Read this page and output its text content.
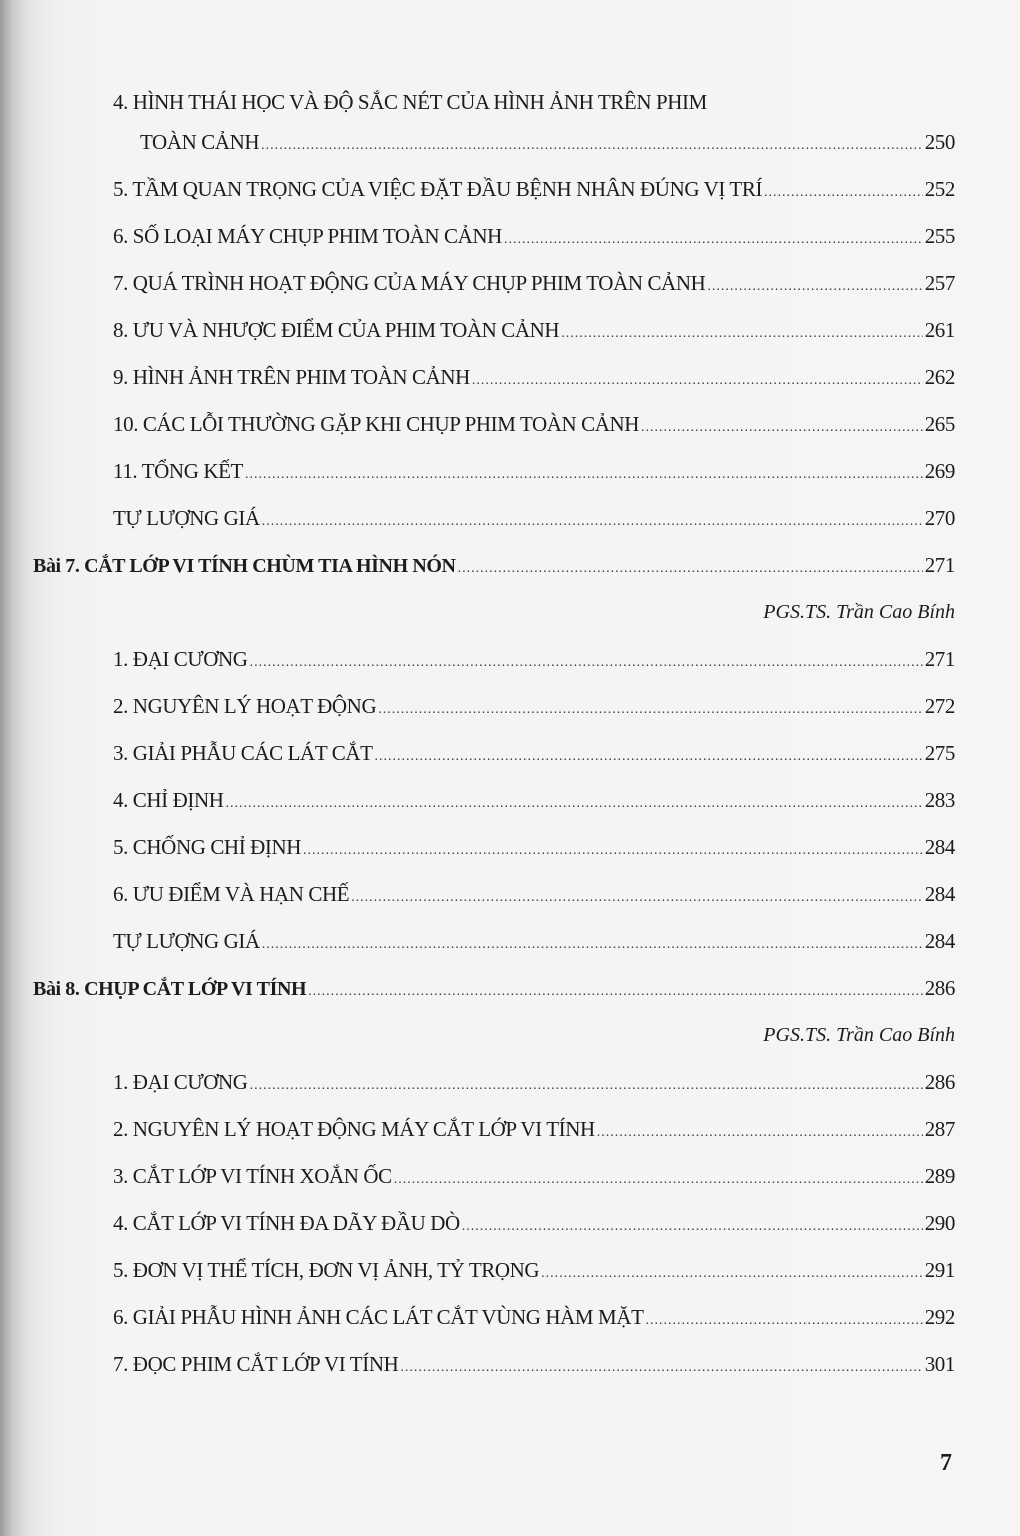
4. HÌNH THÁI HỌC VÀ ĐỘ SẮC NÉT CỦA HÌNH ẢNH TRÊN PHIM
TOÀN CẢNH .....	250
5. TẦM QUAN TRỌNG CỦA VIỆC ĐẶT ĐẦU BỆNH NHÂN ĐÚNG VỊ TRÍ .....	252
6. SỐ LOẠI MÁY CHỤP PHIM TOÀN CẢNH .....	255
7. QUÁ TRÌNH HOẠT ĐỘNG CỦA MÁY CHỤP PHIM TOÀN CẢNH .....	257
8. ƯU VÀ NHƯỢC ĐIỂM CỦA PHIM TOÀN CẢNH .....	261
9. HÌNH ẢNH TRÊN PHIM TOÀN CẢNH .....	262
10. CÁC LỖI THƯỜNG GẶP KHI CHỤP PHIM TOÀN CẢNH .....	265
11. TỔNG KẾT .....	269
TỰ LƯỢNG GIÁ .....	270
Bài 7. CẮT LỚP VI TÍNH CHÙM TIA HÌNH NÓN .....	271
PGS.TS. Trần Cao Bính
1. ĐẠI CƯƠNG .....	271
2. NGUYÊN LÝ HOẠT ĐỘNG .....	272
3. GIẢI PHẪU CÁC LÁT CẮT .....	275
4. CHỈ ĐỊNH .....	283
5. CHỐNG CHỈ ĐỊNH .....	284
6. ƯU ĐIỂM VÀ HẠN CHẾ .....	284
TỰ LƯỢNG GIÁ .....	284
Bài 8. CHỤP CẮT LỚP VI TÍNH .....	286
PGS.TS. Trần Cao Bính
1. ĐẠI CƯƠNG .....	286
2. NGUYÊN LÝ HOẠT ĐỘNG MÁY CẮT LỚP VI TÍNH .....	287
3. CẮT LỚP VI TÍNH XOẮN ỐC .....	289
4. CẮT LỚP VI TÍNH ĐA DÃY ĐẦU DÒ .....	290
5. ĐƠN VỊ THỂ TÍCH, ĐƠN VỊ ẢNH, TỶ TRỌNG .....	291
6. GIẢI PHẪU HÌNH ẢNH CÁC LÁT CẮT VÙNG HÀM MẶT .....	292
7. ĐỌC PHIM CẮT LỚP VI TÍNH .....	301
7
